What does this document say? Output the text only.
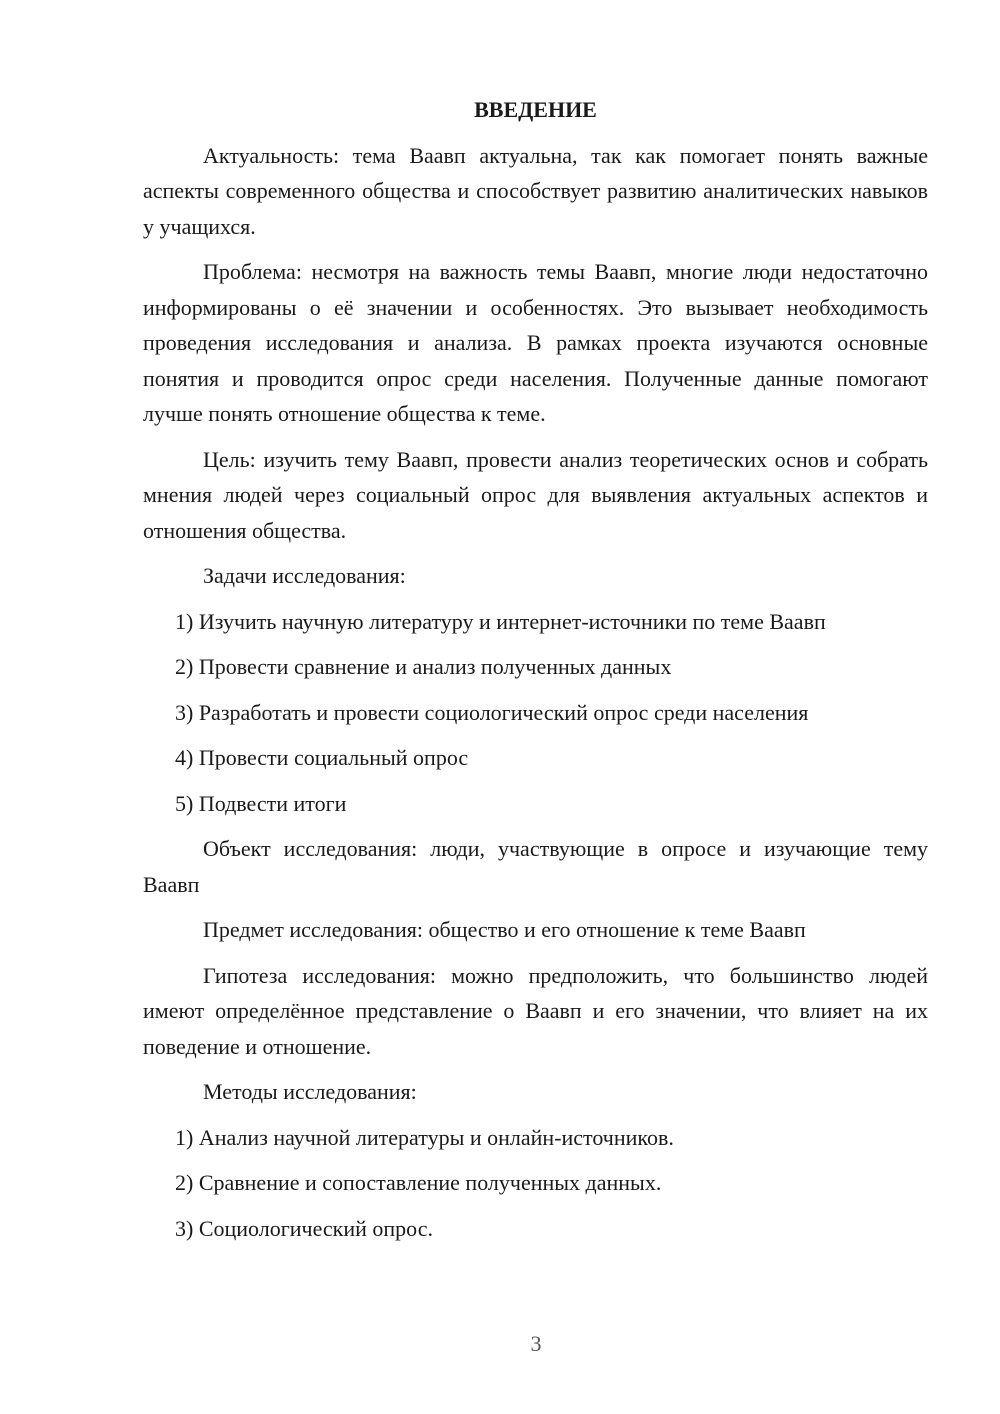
ВВЕДЕНИЕ

Актуальность: тема Ваавп актуальна, так как помогает понять важные аспекты современного общества и способствует развитию аналитических навыков у учащихся.

Проблема: несмотря на важность темы Ваавп, многие люди недостаточно информированы о её значении и особенностях. Это вызывает необходимость проведения исследования и анализа. В рамках проекта изучаются основные понятия и проводится опрос среди населения. Полученные данные помогают лучше понять отношение общества к теме.

Цель: изучить тему Ваавп, провести анализ теоретических основ и собрать мнения людей через социальный опрос для выявления актуальных аспектов и отношения общества.

Задачи исследования:

1) Изучить научную литературу и интернет-источники по теме Ваавп
2) Провести сравнение и анализ полученных данных
3) Разработать и провести социологический опрос среди населения
4) Провести социальный опрос
5) Подвести итоги

Объект исследования: люди, участвующие в опросе и изучающие тему Ваавп

Предмет исследования: общество и его отношение к теме Ваавп

Гипотеза исследования: можно предположить, что большинство людей имеют определённое представление о Ваавп и его значении, что влияет на их поведение и отношение.

Методы исследования:

1) Анализ научной литературы и онлайн-источников.
2) Сравнение и сопоставление полученных данных.
3) Социологический опрос.
3
